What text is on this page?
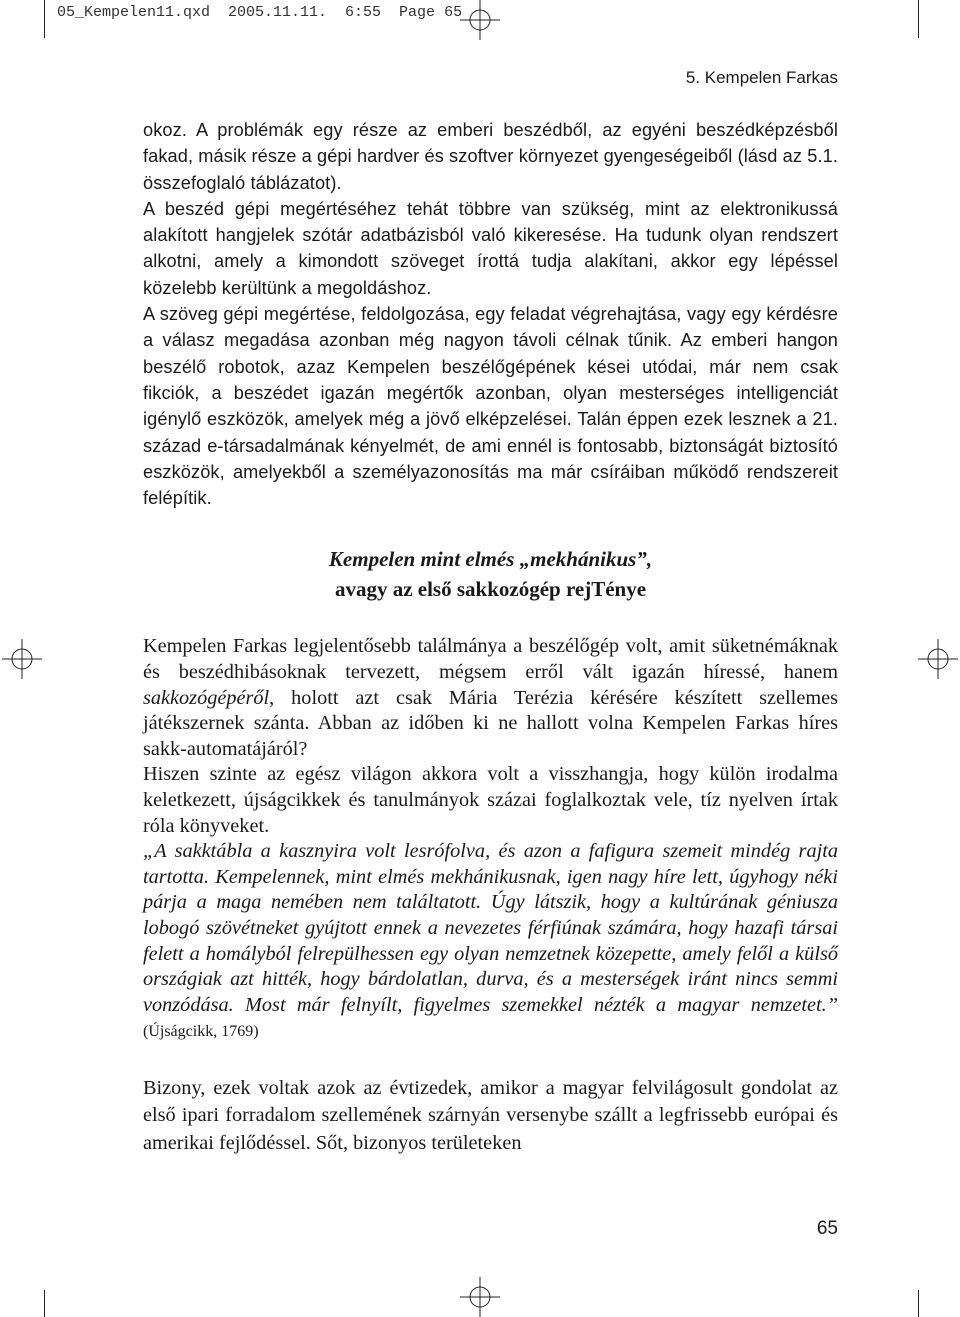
05_Kempelen11.qxd  2005.11.11.  6:55  Page 65
5. Kempelen Farkas

okoz. A problémák egy része az emberi beszédből, az egyéni beszédképzésből fakad, másik része a gépi hardver és szoftver környezet gyengeségeiből (lásd az 5.1. összefoglaló táblázatot).

A beszéd gépi megértéséhez tehát többre van szükség, mint az elektronikussá alakított hangjelek szótár adatbázisból való kikeresése. Ha tudunk olyan rendszert alkotni, amely a kimondott szöveget írottá tudja alakítani, akkor egy lépéssel közelebb kerültünk a megoldáshoz.

A szöveg gépi megértése, feldolgozása, egy feladat végrehajtása, vagy egy kérdésre a válasz megadása azonban még nagyon távoli célnak tűnik. Az emberi hangon beszélő robotok, azaz Kempelen beszélőgépének kései utódai, már nem csak fikciók, a beszédet igazán megértők azonban, olyan mesterséges intelligenciát igénylő eszközök, amelyek még a jövő elképzelései. Talán éppen ezek lesznek a 21. század e-társadalmának kényelmét, de ami ennél is fontosabb, biztonságát biztosító eszközök, amelyekből a személyazonosítás ma már csíráiban működő rendszereit felépítik.

Kempelen mint elmés „mekhánikus”,
avagy az első sakkozógép rejTénye

Kempelen Farkas legjelentősebb találmánya a beszélőgép volt, amit süketnémáknak és beszédhibásoknak tervezett, mégsem erről vált igazán híressé, hanem sakkozógépéről, holott azt csak Mária Terézia kérésére készített szellemes játékszernek szánta. Abban az időben ki ne hallott volna Kempelen Farkas híres sakk-automatájáról?

Hiszen szinte az egész világon akkora volt a visszhangja, hogy külön irodalma keletkezett, újságcikkek és tanulmányok százai foglalkoztak vele, tíz nyelven írtak róla könyveket.

„A sakktábla a kasznyira volt lesrófolva, és azon a fafigura szemeit mindég rajta tartotta. Kempelennek, mint elmés mekhánikusnak, igen nagy híre lett, úgyhogy néki párja a maga nemében nem találtatott. Úgy látszik, hogy a kultúrának géniusza lobogó szövétneket gyújtott ennek a nevezetes férfiúnak számára, hogy hazafi társai felett a homályból felrepülhessen egy olyan nemzetnek közepette, amely felől a külső országiak azt hitték, hogy bárdolatlan, durva, és a mesterségek iránt nincs semmi vonzódása. Most már felnyílt, figyelmes szemekkel nézték a magyar nemzetet.” (Újságcikk, 1769)

Bizony, ezek voltak azok az évtizedek, amikor a magyar felvilágosult gondolat az első ipari forradalom szellemének szárnyán versenybe szállt a legfrissebb európai és amerikai fejlődéssel. Sőt, bizonyos területeken

65
